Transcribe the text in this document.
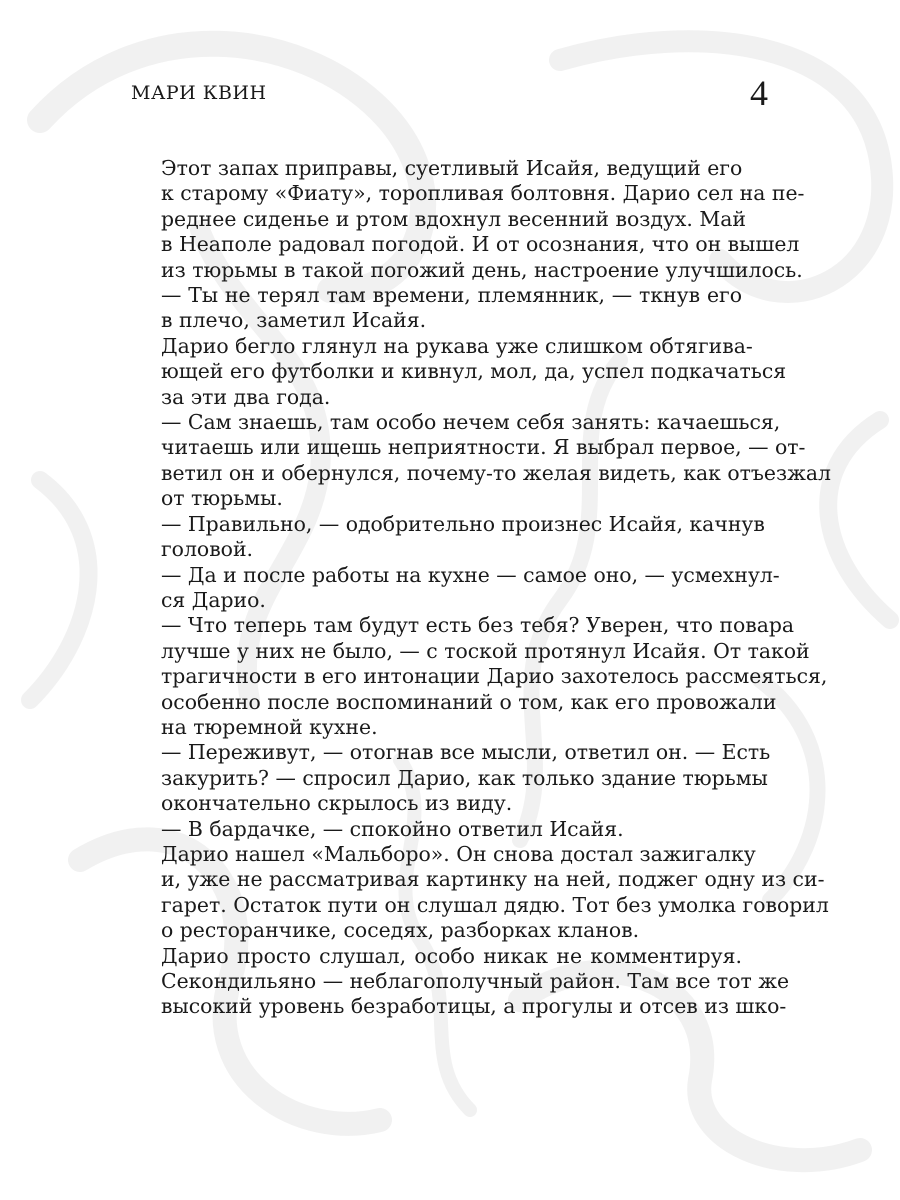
МАРИ КВИН	4

Этот запах приправы, суетливый Исайя, ведущий его
к старому «Фиату», торопливая болтовня. Дарио сел на пе-
реднее сиденье и ртом вдохнул весенний воздух. Май
в Неаполе радовал погодой. И от осознания, что он вышел
из тюрьмы в такой погожий день, настроение улучшилось.

— Ты не терял там времени, племянник, — ткнув его
в плечо, заметил Исайя.

Дарио бегло глянул на рукава уже слишком обтягива-
ющей его футболки и кивнул, мол, да, успел подкачаться
за эти два года.

— Сам знаешь, там особо нечем себя занять: качаешься,
читаешь или ищешь неприятности. Я выбрал первое, — от-
ветил он и обернулся, почему-то желая видеть, как отъезжал
от тюрьмы.

— Правильно, — одобрительно произнес Исайя, качнув
головой.

— Да и после работы на кухне — самое оно, — усмехнул-
ся Дарио.

— Что теперь там будут есть без тебя? Уверен, что повара
лучше у них не было, — с тоской протянул Исайя. От такой
трагичности в его интонации Дарио захотелось рассмеяться,
особенно после воспоминаний о том, как его провожали
на тюремной кухне.

— Переживут, — отогнав все мысли, ответил он. — Есть
закурить? — спросил Дарио, как только здание тюрьмы
окончательно скрылось из виду.

— В бардачке, — спокойно ответил Исайя.

Дарио нашел «Мальборо». Он снова достал зажигалку
и, уже не рассматривая картинку на ней, поджег одну из си-
гарет. Остаток пути он слушал дядю. Тот без умолка говорил
о ресторанчике, соседях, разборках кланов.

Дарио просто слушал, особо никак не комментируя.
Секондильяно — неблагополучный район. Там все тот же
высокий уровень безработицы, а прогулы и отсев из шко-
